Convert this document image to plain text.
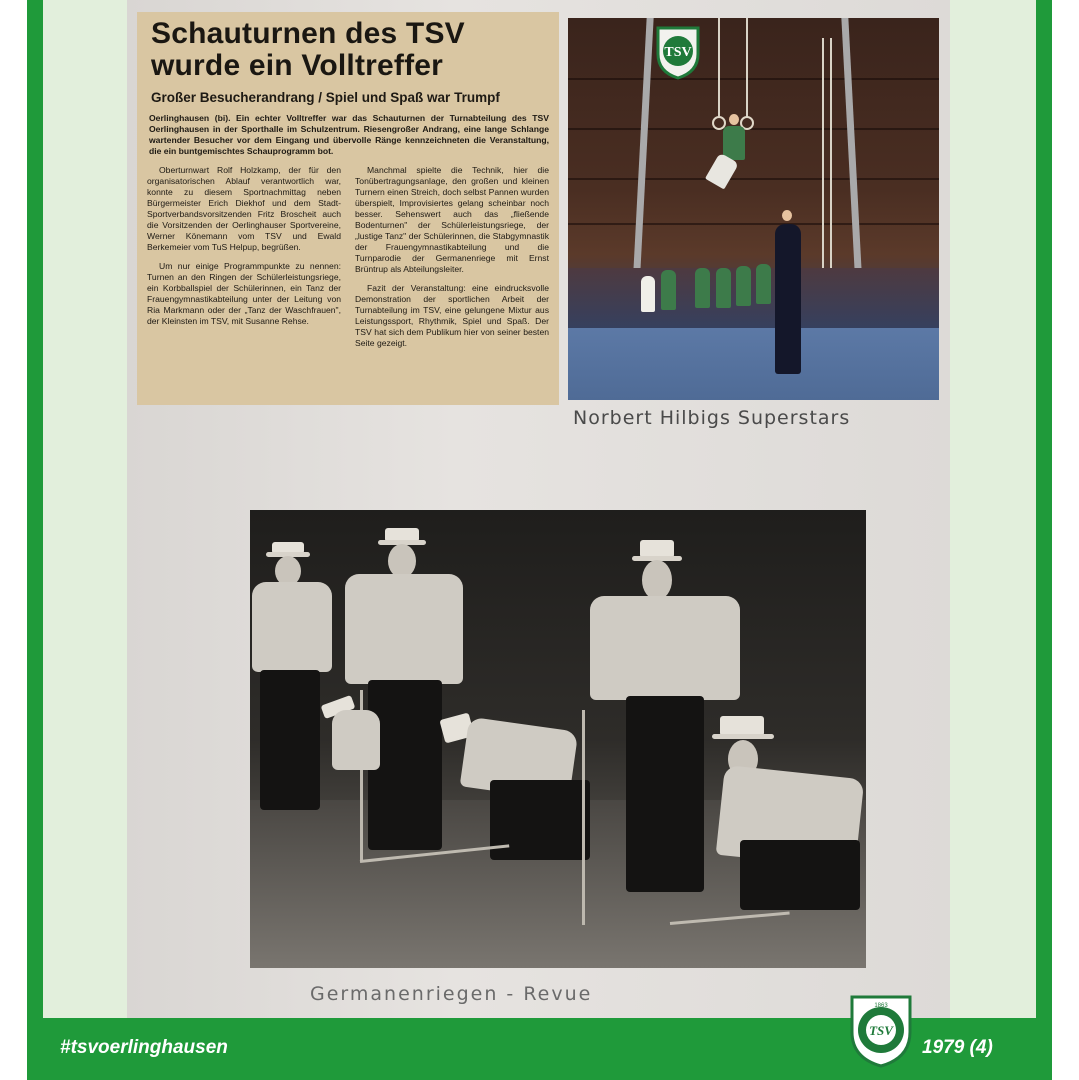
Schauturnen des TSV
wurde ein Volltreffer
Großer Besucherandrang / Spiel und Spaß war Trumpf
Oerlinghausen (bi). Ein echter Volltreffer war das Schauturnen der Turnabteilung des TSV Oerlinghausen in der Sporthalle im Schulzentrum. Riesengroßer Andrang, eine lange Schlange wartender Besucher vor dem Eingang und übervolle Ränge kennzeichneten die Veranstaltung, die ein buntgemischtes Schauprogramm bot.

Oberturnwart Rolf Holzkamp, der für den organisatorischen Ablauf verantwortlich war, konnte zu diesem Sportnachmittag neben Bürgermeister Erich Diekhof und dem Stadt-Sportverbandsvorsitzenden Fritz Broscheit auch die Vorsitzenden der Oerlinghauser Sportvereine, Werner Könemann vom TSV und Ewald Berkemeier vom TuS Helpup, begrüßen.

Um nur einige Programmpunkte zu nennen: Turnen an den Ringen der Schülerleistungsriege, ein Korbballspiel der Schülerinnen, ein Tanz der Frauengymnastikabteilung unter der Leitung von Ria Markmann oder der „Tanz der Waschfrauen", der Kleinsten im TSV, mit Susanne Rehse.

Manchmal spielte die Technik, hier die Tonübertragungsanlage, den großen und kleinen Turnern einen Streich, doch selbst Pannen wurden überspielt, Improvisiertes gelang scheinbar noch besser. Sehenswert auch das „fließende Bodenturnen" der Schülerleistungsriege, der „lustige Tanz" der Schülerinnen, die Stabgymnastik der Frauengymnastikabteilung und die Turnparodie der Germanenriege mit Ernst Brüntrup als Abteilungsleiter.

Fazit der Veranstaltung: eine eindrucksvolle Demonstration der sportlichen Arbeit der Turnabteilung im TSV, eine gelungene Mixtur aus Leistungssport, Rhythmik, Spiel und Spaß. Der TSV hat sich dem Publikum hier von seiner besten Seite gezeigt.

TSV
Norbert Hilbigs Superstars
Germanenriegen - Revue
#tsvoerlinghausen
1863
TSV
1979 (4)
